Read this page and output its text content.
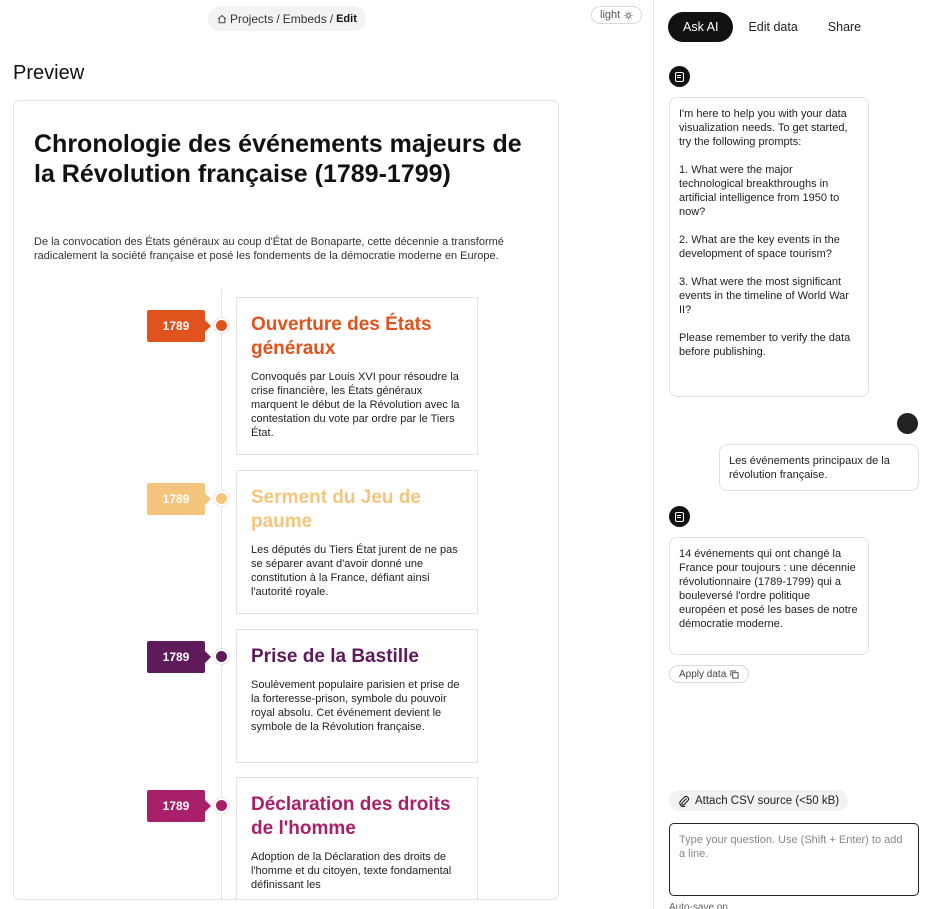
Projects / Embeds / Edit	light
Preview
Chronologie des événements majeurs de la Révolution française (1789-1799)
De la convocation des États généraux au coup d'État de Bonaparte, cette décennie a transformé radicalement la société française et posé les fondements de la démocratie moderne en Europe.
1789	Ouverture des États généraux
Convoqués par Louis XVI pour résoudre la crise financière, les États généraux marquent le début de la Révolution avec la contestation du vote par ordre par le Tiers État.
1789	Serment du Jeu de paume
Les députés du Tiers État jurent de ne pas se séparer avant d'avoir donné une constitution à la France, défiant ainsi l'autorité royale.
1789	Prise de la Bastille
Soulèvement populaire parisien et prise de la forteresse-prison, symbole du pouvoir royal absolu. Cet événement devient le symbole de la Révolution française.
1789	Déclaration des droits de l'homme
Adoption de la Déclaration des droits de l'homme et du citoyen, texte fondamental définissant les
Ask AI	Edit data	Share

I'm here to help you with your data visualization needs. To get started, try the following prompts:

1. What were the major technological breakthroughs in artificial intelligence from 1950 to now?

2. What are the key events in the development of space tourism?

3. What were the most significant events in the timeline of World War II?

Please remember to verify the data before publishing.

Les événements principaux de la révolution française.

14 événements qui ont changé la France pour toujours : une décennie révolutionnaire (1789-1799) qui a bouleversé l'ordre politique européen et posé les bases de notre démocratie moderne.

Apply data
Attach CSV source (<50 kB)
Type your question. Use (Shift + Enter) to add a line.
Auto-save on
